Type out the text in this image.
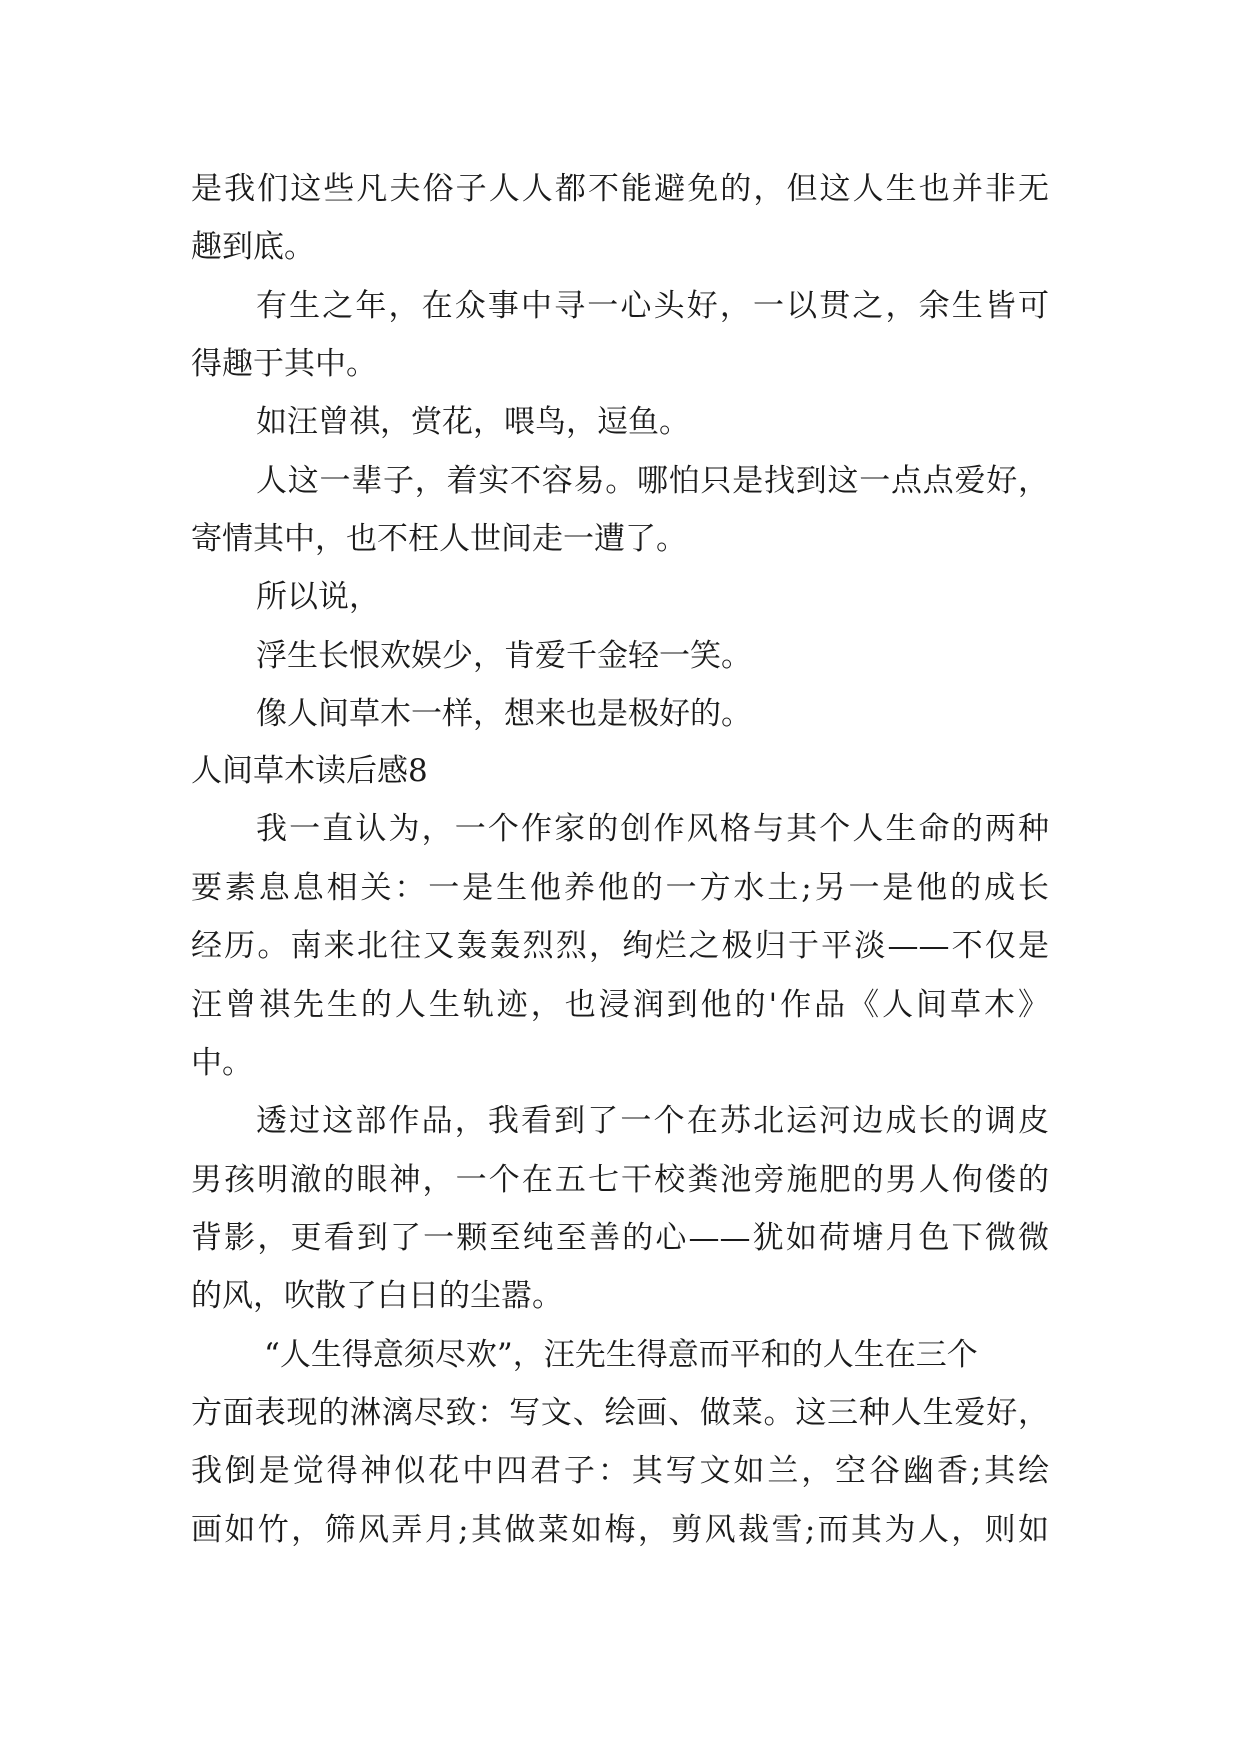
是我们这些凡夫俗子人人都不能避免的，但这人生也并非无
趣到底。
有生之年，在众事中寻一心头好，一以贯之，余生皆可
得趣于其中。
如汪曾祺，赏花，喂鸟，逗鱼。
人这一辈子，着实不容易。哪怕只是找到这一点点爱好，
寄情其中，也不枉人世间走一遭了。
所以说，
浮生长恨欢娱少，肯爱千金轻一笑。
像人间草木一样，想来也是极好的。
人间草木读后感8
我一直认为，一个作家的创作风格与其个人生命的两种
要素息息相关：一是生他养他的一方水土;另一是他的成长
经历。南来北往又轰轰烈烈，绚烂之极归于平淡——不仅是
汪曾祺先生的人生轨迹，也浸润到他的'作品《人间草木》
中。
透过这部作品，我看到了一个在苏北运河边成长的调皮
男孩明澈的眼神，一个在五七干校粪池旁施肥的男人佝偻的
背影，更看到了一颗至纯至善的心——犹如荷塘月色下微微
的风，吹散了白日的尘嚣。
“人生得意须尽欢”，汪先生得意而平和的人生在三个
方面表现的淋漓尽致：写文、绘画、做菜。这三种人生爱好，
我倒是觉得神似花中四君子：其写文如兰，空谷幽香;其绘
画如竹，筛风弄月;其做菜如梅，剪风裁雪;而其为人，则如
